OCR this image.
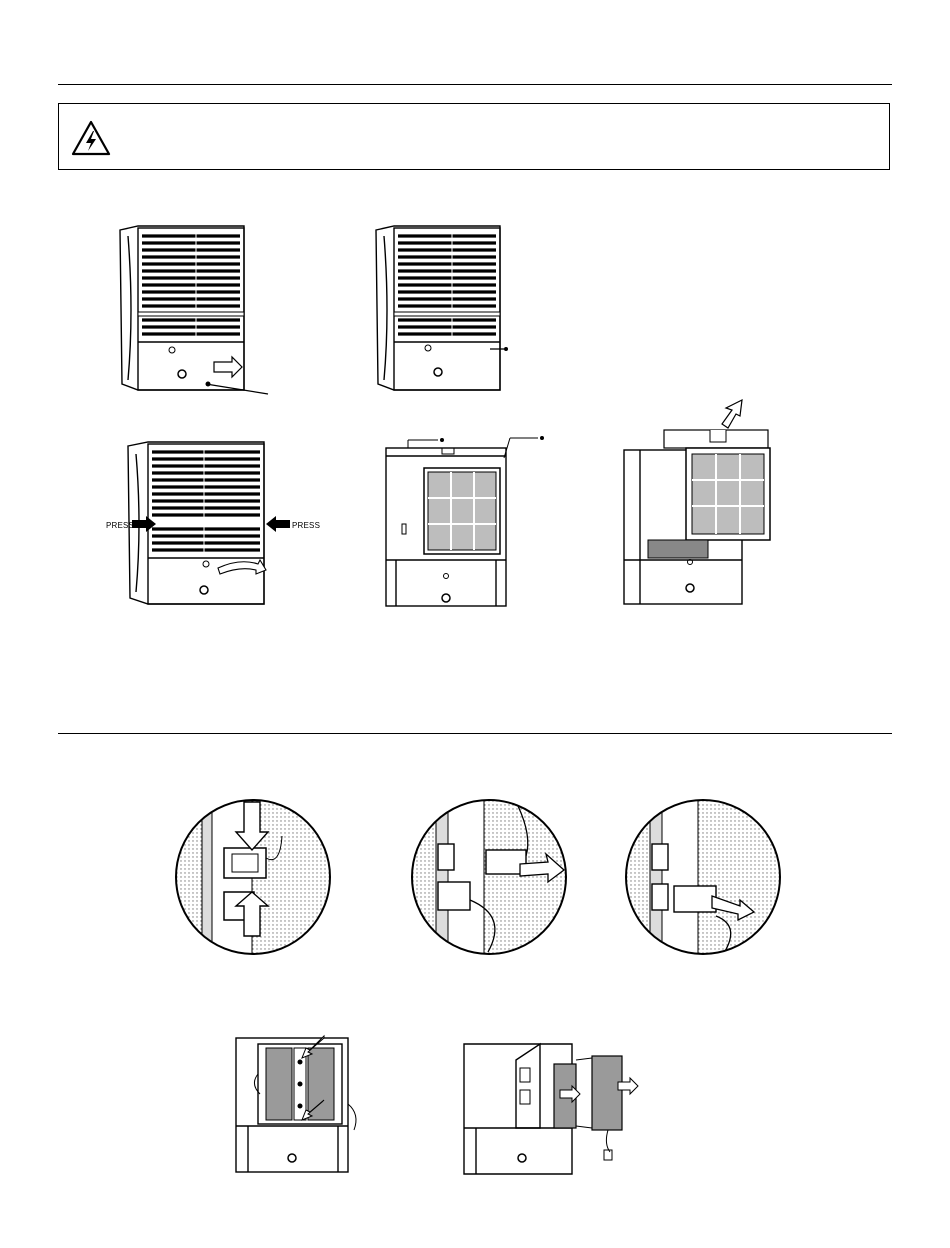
PRESS	PRESS
